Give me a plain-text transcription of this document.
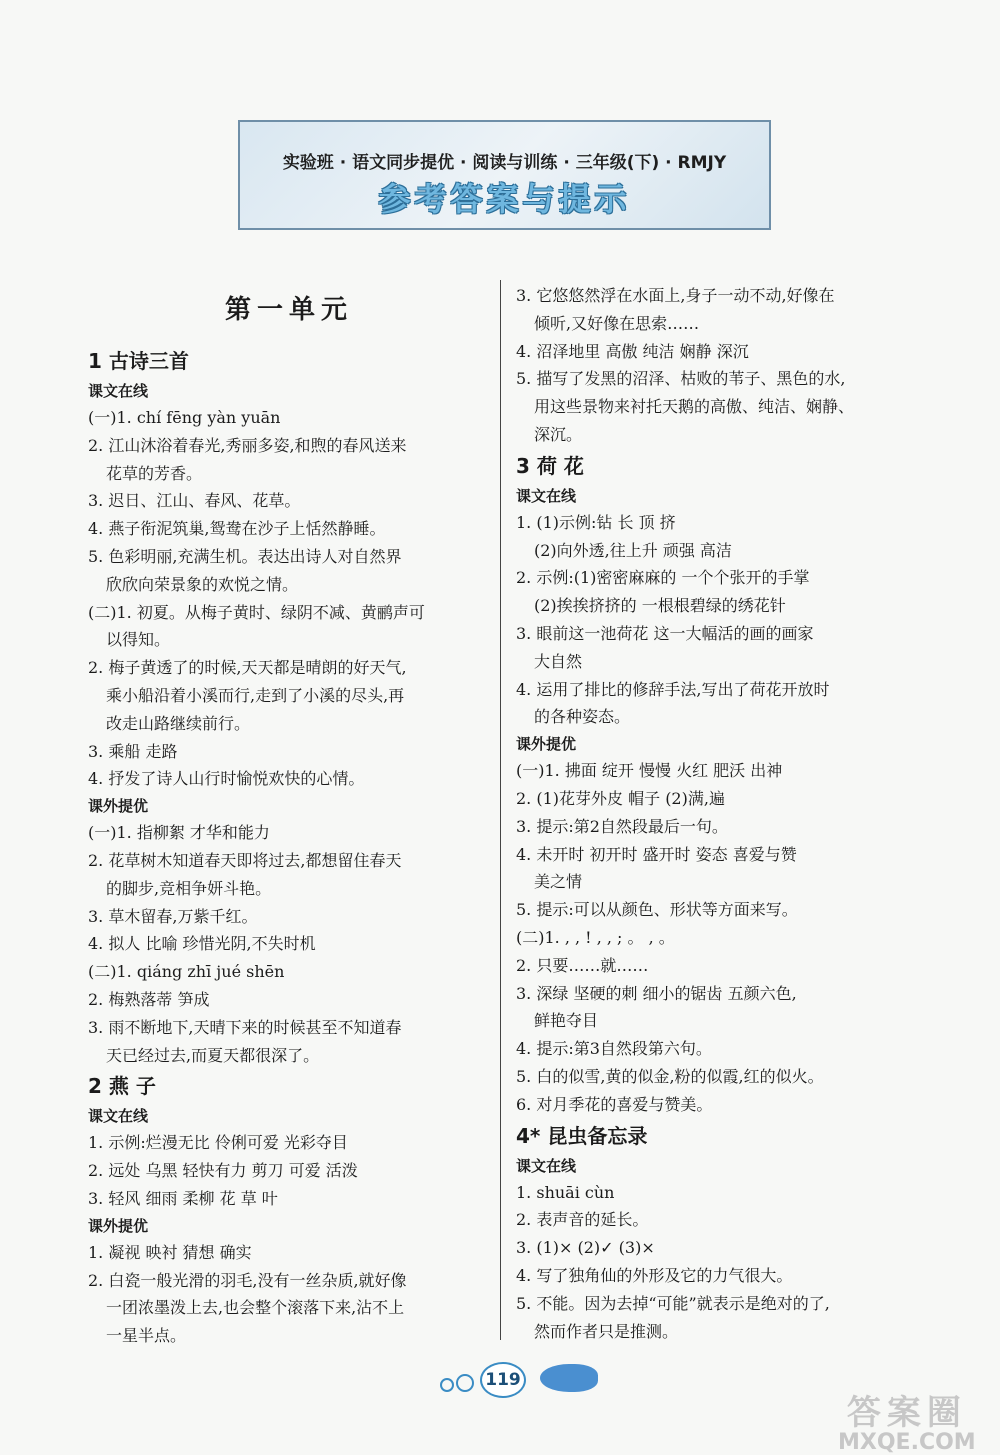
实验班 · 语文同步提优 · 阅读与训练 · 三年级(下) · RMJY
参考答案与提示
第一单元
1 古诗三首
课文在线
(一)1. chí fēng yàn yuān
2. 江山沐浴着春光,秀丽多姿,和煦的春风送来
花草的芳香。
3. 迟日、江山、春风、花草。
4. 燕子衔泥筑巢,鸳鸯在沙子上恬然静睡。
5. 色彩明丽,充满生机。表达出诗人对自然界
欣欣向荣景象的欢悦之情。
(二)1. 初夏。从梅子黄时、绿阴不减、黄鹂声可
以得知。
2. 梅子黄透了的时候,天天都是晴朗的好天气,
乘小船沿着小溪而行,走到了小溪的尽头,再
改走山路继续前行。
3. 乘船 走路
4. 抒发了诗人山行时愉悦欢快的心情。
课外提优
(一)1. 指柳絮 才华和能力
2. 花草树木知道春天即将过去,都想留住春天
的脚步,竞相争妍斗艳。
3. 草木留春,万紫千红。
4. 拟人 比喻 珍惜光阴,不失时机
(二)1. qiáng zhī jué shēn
2. 梅熟落蒂 笋成
3. 雨不断地下,天晴下来的时候甚至不知道春
天已经过去,而夏天都很深了。
2 燕 子
课文在线
1. 示例:烂漫无比 伶俐可爱 光彩夺目
2. 远处 乌黑 轻快有力 剪刀 可爱 活泼
3. 轻风 细雨 柔柳 花 草 叶
课外提优
1. 凝视 映衬 猜想 确实
2. 白瓷一般光滑的羽毛,没有一丝杂质,就好像
一团浓墨泼上去,也会整个滚落下来,沾不上
一星半点。
3. 它悠悠然浮在水面上,身子一动不动,好像在
倾听,又好像在思索……
4. 沼泽地里 高傲 纯洁 娴静 深沉
5. 描写了发黑的沼泽、枯败的苇子、黑色的水,
用这些景物来衬托天鹅的高傲、纯洁、娴静、
深沉。
3 荷 花
课文在线
1. (1)示例:钻 长 顶 挤
(2)向外透,往上升 顽强 高洁
2. 示例:(1)密密麻麻的 一个个张开的手掌
(2)挨挨挤挤的 一根根碧绿的绣花针
3. 眼前这一池荷花 这一大幅活的画的画家
大自然
4. 运用了排比的修辞手法,写出了荷花开放时
的各种姿态。
课外提优
(一)1. 拂面 绽开 慢慢 火红 肥沃 出神
2. (1)花芽外皮 帽子 (2)满,遍
3. 提示:第2自然段最后一句。
4. 未开时 初开时 盛开时 姿态 喜爱与赞
美之情
5. 提示:可以从颜色、形状等方面来写。
(二)1. , , ! , , ; 。 , 。
2. 只要……就……
3. 深绿 坚硬的刺 细小的锯齿 五颜六色,
鲜艳夺目
4. 提示:第3自然段第六句。
5. 白的似雪,黄的似金,粉的似霞,红的似火。
6. 对月季花的喜爱与赞美。
4* 昆虫备忘录
课文在线
1. shuāi cùn
2. 表声音的延长。
3. (1)× (2)✓ (3)×
4. 写了独角仙的外形及它的力气很大。
5. 不能。因为去掉“可能”就表示是绝对的了,
然而作者只是推测。
119
答案圈
MXQE.COM
